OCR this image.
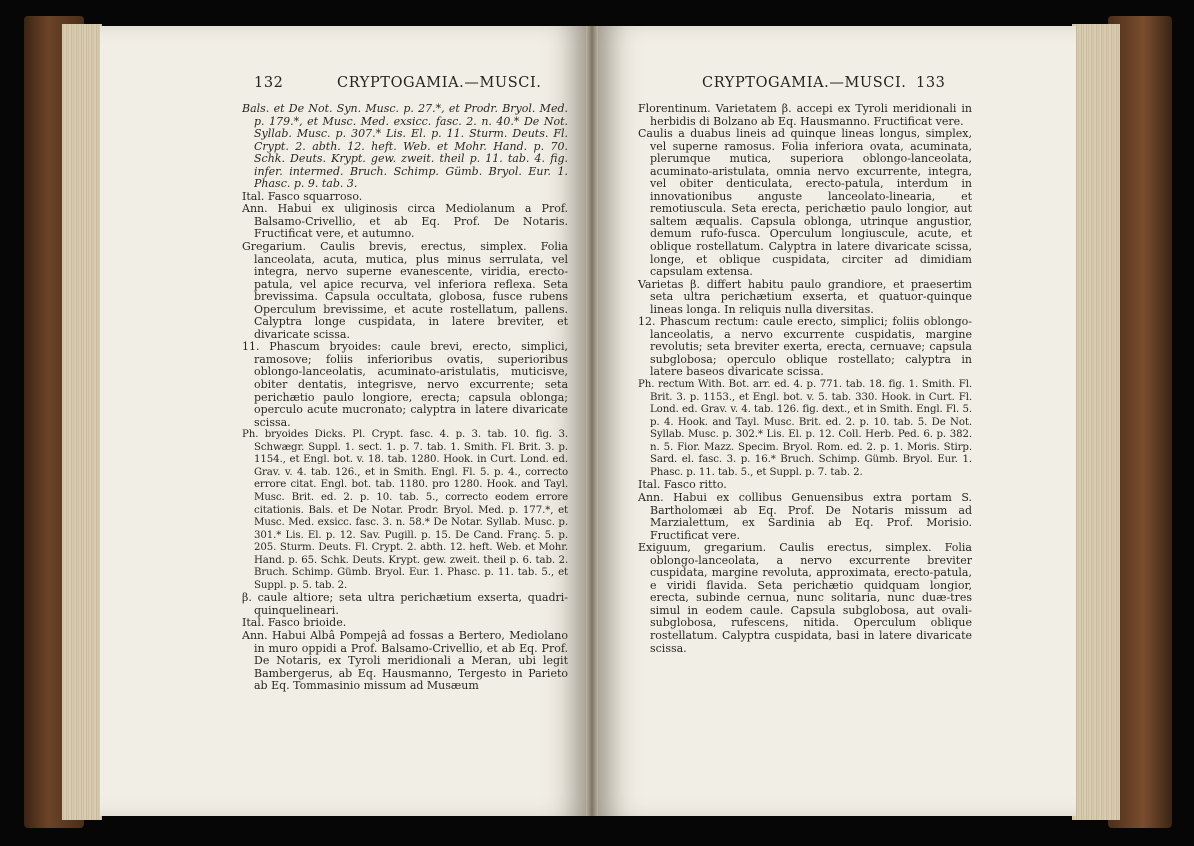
132	CRYPTOGAMIA.—MUSCI.

Bals. et De Not. Syn. Musc. p. 27.*, et Prodr. Bryol. Med. p. 179.*, et Musc. Med. exsicc. fasc. 2. n. 40.* De Not. Syllab. Musc. p. 307.* Lis. El. p. 11. Sturm. Deuts. Fl. Crypt. 2. abth. 12. heft. Web. et Mohr. Hand. p. 70. Schk. Deuts. Krypt. gew. zweit. theil p. 11. tab. 4. fig. infer. intermed. Bruch. Schimp. Gümb. Bryol. Eur. 1. Phasc. p. 9. tab. 3.

Ital. Fasco squarroso.

Ann. Habui ex uliginosis circa Mediolanum a Prof. Balsamo-Crivellio, et ab Eq. Prof. De Notaris. Fructificat vere, et autumno.

Gregarium. Caulis brevis, erectus, simplex. Folia lanceolata, acuta, mutica, plus minus serrulata, vel integra, nervo superne evanescente, viridia, erecto-patula, vel apice recurva, vel inferiora reflexa. Seta brevissima. Capsula occultata, globosa, fusce rubens Operculum brevissime, et acute rostellatum, pallens. Calyptra longe cuspidata, in latere breviter, et divaricate scissa.

11. Phascum bryoides: caule brevi, erecto, simplici, ramosove; foliis inferioribus ovatis, superioribus oblongo-lanceolatis, acuminato-aristulatis, muticisve, obiter dentatis, integrisve, nervo excurrente; seta perichætio paulo longiore, erecta; capsula oblonga; operculo acute mucronato; calyptra in latere divaricate scissa.

Ph. bryoides Dicks. Pl. Crypt. fasc. 4. p. 3. tab. 10. fig. 3. Schwægr. Suppl. 1. sect. 1. p. 7. tab. 1. Smith. Fl. Brit. 3. p. 1154., et Engl. bot. v. 18. tab. 1280. Hook. in Curt. Lond. ed. Grav. v. 4. tab. 126., et in Smith. Engl. Fl. 5. p. 4., correcto errore citat. Engl. bot. tab. 1180. pro 1280. Hook. and Tayl. Musc. Brit. ed. 2. p. 10. tab. 5., correcto eodem errore citationis. Bals. et De Notar. Prodr. Bryol. Med. p. 177.*, et Musc. Med. exsicc. fasc. 3. n. 58.* De Notar. Syllab. Musc. p. 301.* Lis. El. p. 12. Sav. Pugill. p. 15. De Cand. Franç. 5. p. 205. Sturm. Deuts. Fl. Crypt. 2. abth. 12. heft. Web. et Mohr. Hand. p. 65. Schk. Deuts. Krypt. gew. zweit. theil p. 6. tab. 2. Bruch. Schimp. Gümb. Bryol. Eur. 1. Phasc. p. 11. tab. 5., et Suppl. p. 5. tab. 2.

β. caule altiore; seta ultra perichætium exserta, quadri-quinquelineari.

Ital. Fasco brioide.

Ann. Habui Albâ Pompejâ ad fossas a Bertero, Mediolano in muro oppidi a Prof. Balsamo-Crivellio, et ab Eq. Prof. De Notaris, ex Tyroli meridionali a Meran, ubi legit Bambergerus, ab Eq. Hausmanno, Tergesto in Parieto ab Eq. Tommasinio missum ad Musæum

CRYPTOGAMIA.—MUSCI. 133

Florentinum. Varietatem β. accepi ex Tyroli meridionali in herbidis di Bolzano ab Eq. Hausmanno. Fructificat vere.

Caulis a duabus lineis ad quinque lineas longus, simplex, vel superne ramosus. Folia inferiora ovata, acuminata, plerumque mutica, superiora oblongo-lanceolata, acuminato-aristulata, omnia nervo excurrente, integra, vel obiter denticulata, erecto-patula, interdum in innovationibus anguste lanceolato-linearia, et remotiuscula. Seta erecta, perichætio paulo longior, aut saltem æqualis. Capsula oblonga, utrinque angustior, demum rufo-fusca. Operculum longiuscule, acute, et oblique rostellatum. Calyptra in latere divaricate scissa, longe, et oblique cuspidata, circiter ad dimidiam capsulam extensa.

Varietas β. differt habitu paulo grandiore, et praesertim seta ultra perichætium exserta, et quatuor-quinque lineas longa. In reliquis nulla diversitas.

12. Phascum rectum: caule erecto, simplici; foliis oblongo-lanceolatis, a nervo excurrente cuspidatis, margine revolutis; seta breviter exerta, erecta, cernuave; capsula subglobosa; operculo oblique rostellato; calyptra in latere baseos divaricate scissa.

Ph. rectum With. Bot. arr. ed. 4. p. 771. tab. 18. fig. 1. Smith. Fl. Brit. 3. p. 1153., et Engl. bot. v. 5. tab. 330. Hook. in Curt. Fl. Lond. ed. Grav. v. 4. tab. 126. fig. dext., et in Smith. Engl. Fl. 5. p. 4. Hook. and Tayl. Musc. Brit. ed. 2. p. 10. tab. 5. De Not. Syllab. Musc. p. 302.* Lis. El. p. 12. Coll. Herb. Ped. 6. p. 382. n. 5. Fior. Mazz. Specim. Bryol. Rom. ed. 2. p. 1. Moris. Stirp. Sard. el. fasc. 3. p. 16.* Bruch. Schimp. Gümb. Bryol. Eur. 1. Phasc. p. 11. tab. 5., et Suppl. p. 7. tab. 2.

Ital. Fasco ritto.

Ann. Habui ex collibus Genuensibus extra portam S. Bartholomæi ab Eq. Prof. De Notaris missum ad Marzialettum, ex Sardinia ab Eq. Prof. Morisio. Fructificat vere.

Exiguum, gregarium. Caulis erectus, simplex. Folia oblongo-lanceolata, a nervo excurrente breviter cuspidata, margine revoluta, approximata, erecto-patula, e viridi flavida. Seta perichætio quidquam longior, erecta, subinde cernua, nunc solitaria, nunc duæ-tres simul in eodem caule. Capsula subglobosa, aut ovali-subglobosa, rufescens, nitida. Operculum oblique rostellatum. Calyptra cuspidata, basi in latere divaricate scissa.
